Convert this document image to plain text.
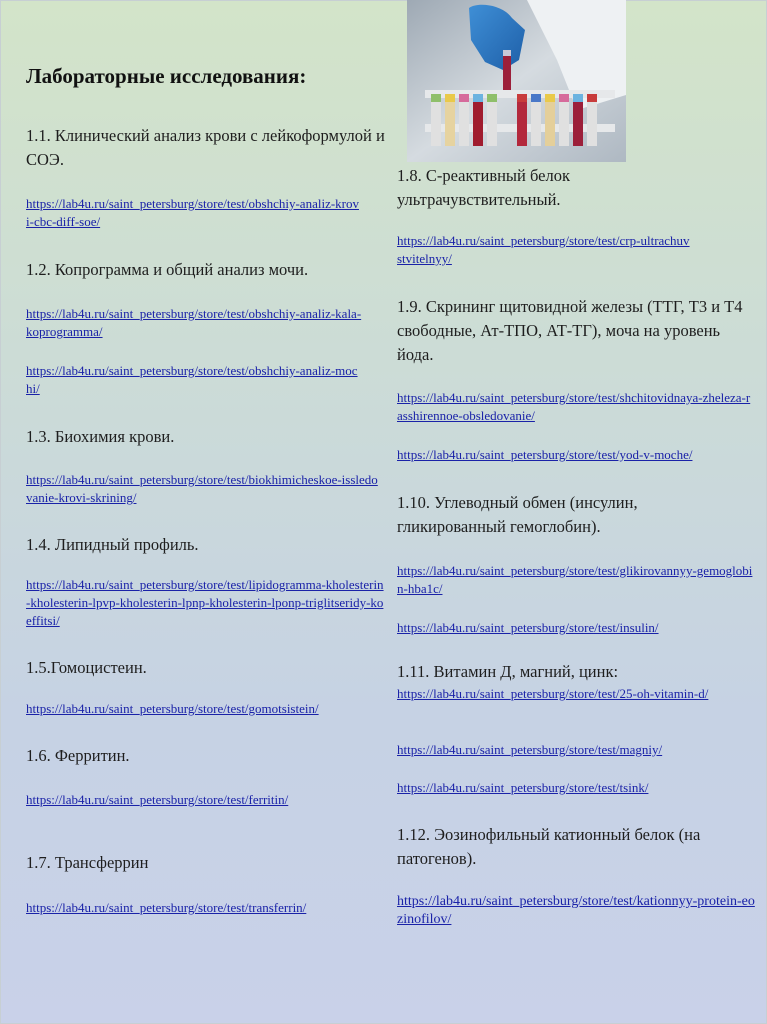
Лабораторные исследования:

1.1. Клинический анализ крови с лейкоформулой и СОЭ.

https://lab4u.ru/saint_petersburg/store/test/obshchiy-analiz-krovi-cbc-diff-soe/

1.2. Копрограмма и общий анализ мочи.

https://lab4u.ru/saint_petersburg/store/test/obshchiy-analiz-kala-koprogramma/

https://lab4u.ru/saint_petersburg/store/test/obshchiy-analiz-mochi/

1.3. Биохимия крови.

https://lab4u.ru/saint_petersburg/store/test/biokhimicheskoe-issledovanie-krovi-skrining/

1.4. Липидный профиль.

https://lab4u.ru/saint_petersburg/store/test/lipidogramma-kholesterin-kholesterin-lpvp-kholesterin-lpnp-kholesterin-lponp-triglitseridy-koeffitsi/

1.5.Гомоцистеин.

https://lab4u.ru/saint_petersburg/store/test/gomotsistein/

1.6. Ферритин.

https://lab4u.ru/saint_petersburg/store/test/ferritin/

1.7. Трансферрин

https://lab4u.ru/saint_petersburg/store/test/transferrin/

1.8. С-реактивный белок ультрачувствительный.

https://lab4u.ru/saint_petersburg/store/test/crp-ultrachuvstvitelnyy/

1.9. Скрининг щитовидной железы (ТТГ, Т3 и Т4 свободные, Ат-ТПО, АТ-ТГ), моча на уровень йода.

https://lab4u.ru/saint_petersburg/store/test/shchitovidnaya-zheleza-rasshirennoe-obsledovanie/

https://lab4u.ru/saint_petersburg/store/test/yod-v-moche/

1.10. Углеводный обмен (инсулин, гликированный гемоглобин).

https://lab4u.ru/saint_petersburg/store/test/glikirovannyy-gemoglobin-hba1c/

https://lab4u.ru/saint_petersburg/store/test/insulin/

1.11. Витамин Д, магний, цинк:

https://lab4u.ru/saint_petersburg/store/test/25-oh-vitamin-d/

https://lab4u.ru/saint_petersburg/store/test/magniy/

https://lab4u.ru/saint_petersburg/store/test/tsink/

1.12. Эозинофильный катионный белок (на патогенов).

https://lab4u.ru/saint_petersburg/store/test/kationnyy-protein-eozinofilov/
